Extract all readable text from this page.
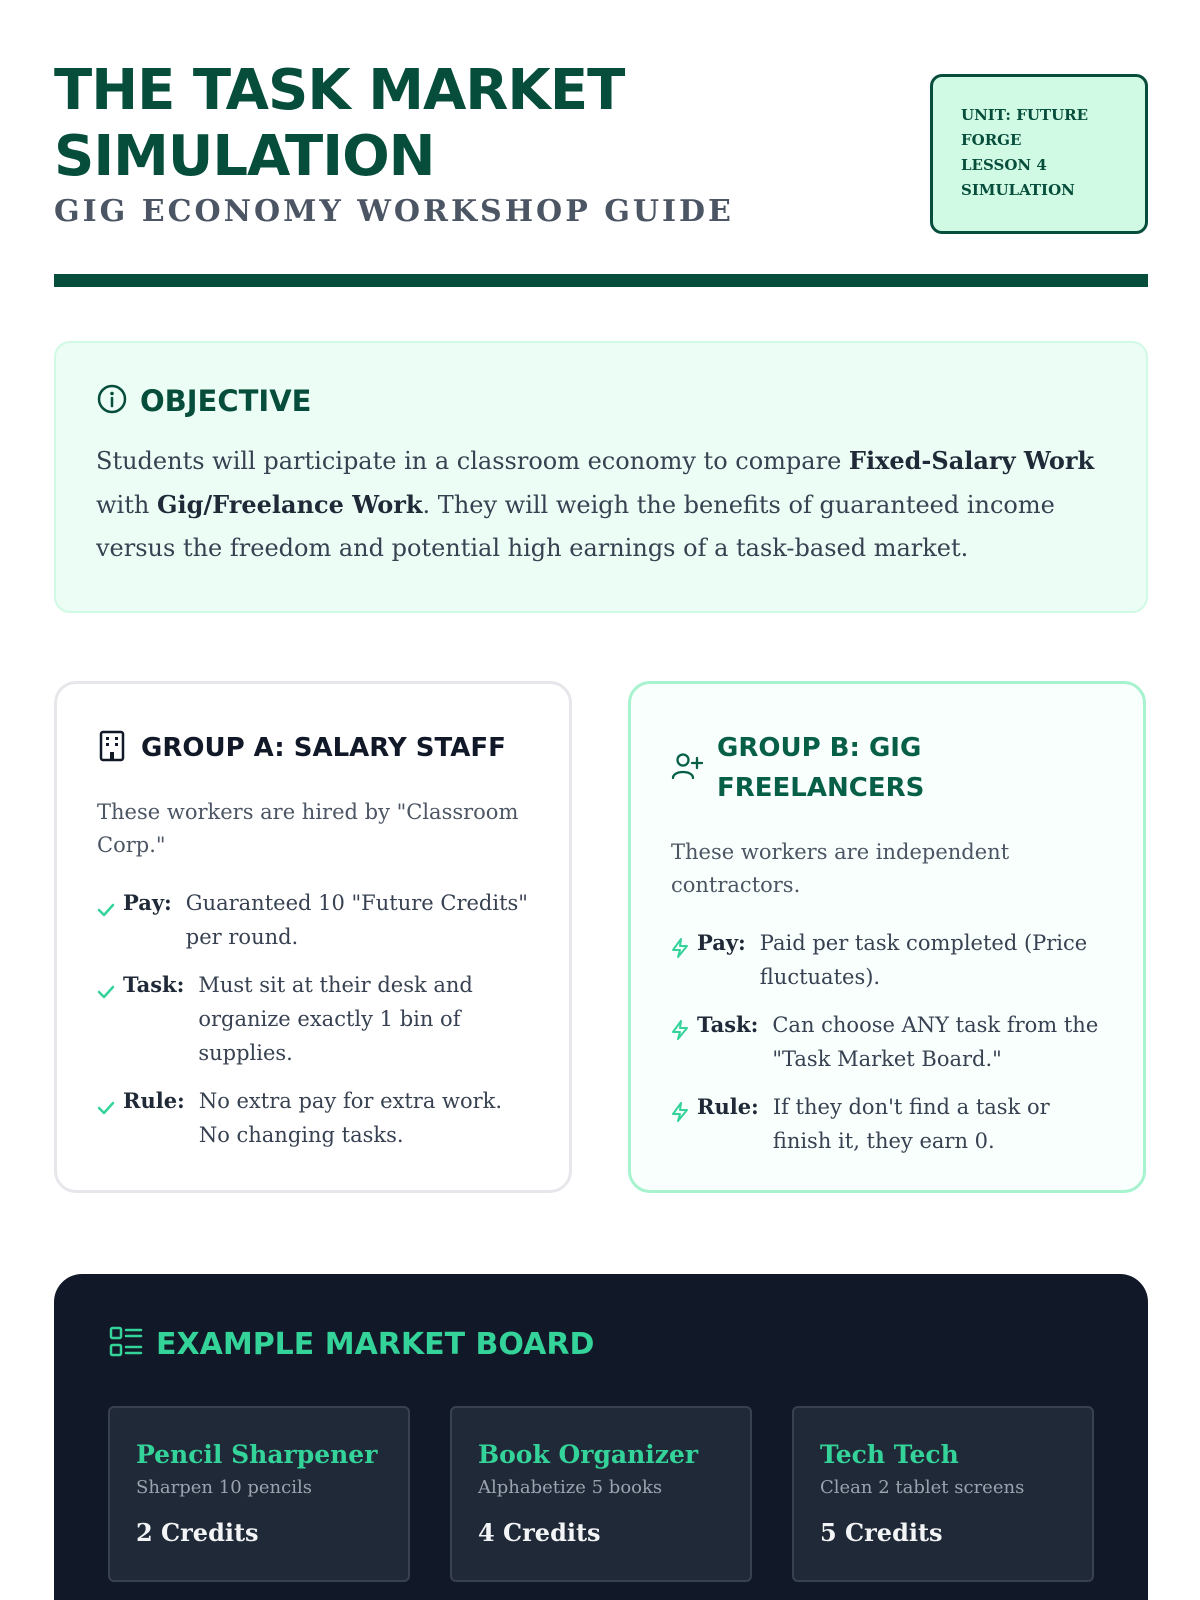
THE TASK MARKET SIMULATION
GIG ECONOMY WORKSHOP GUIDE
UNIT: FUTURE
FORGE
LESSON 4
SIMULATION
OBJECTIVE

Students will participate in a classroom economy to compare Fixed-Salary Work with Gig/Freelance Work. They will weigh the benefits of guaranteed income versus the freedom and potential high earnings of a task-based market.

GROUP A: SALARY STAFF

These workers are hired by "Classroom Corp."

Pay: Guaranteed 10 "Future Credits" per round.
Task: Must sit at their desk and organize exactly 1 bin of supplies.
Rule: No extra pay for extra work. No changing tasks.
GROUP B: GIG FREELANCERS

These workers are independent contractors.

Pay: Paid per task completed (Price fluctuates).
Task: Can choose ANY task from the "Task Market Board."
Rule: If they don't find a task or finish it, they earn 0.
EXAMPLE MARKET BOARD
Pencil Sharpener
Sharpen 10 pencils
2 Credits
Book Organizer
Alphabetize 5 books
4 Credits
Tech Tech
Clean 2 tablet screens
5 Credits
